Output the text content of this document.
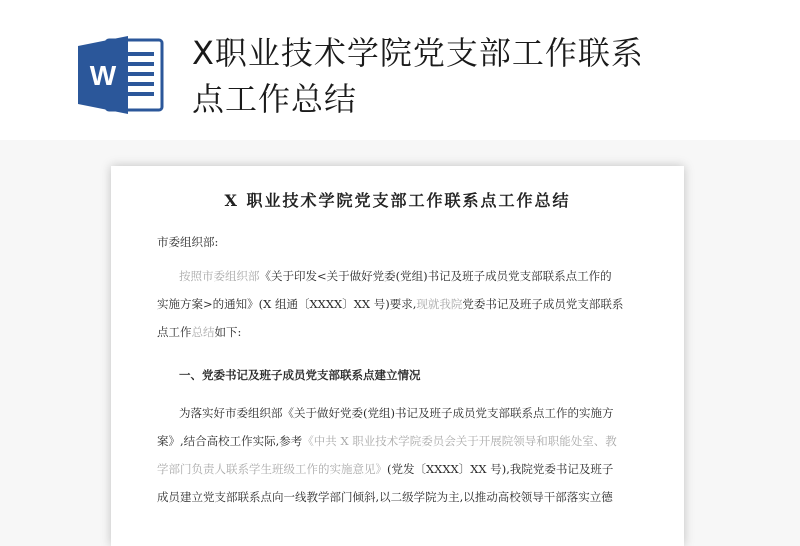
W
X职业技术学院党支部工作联系
点工作总结
X 职业技术学院党支部工作联系点工作总结
市委组织部:
按照市委组织部《关于印发<关于做好党委(党组)书记及班子成员党支部联系点工作的
实施方案>的通知》(X 组通〔XXXX〕XX 号)要求,现就我院党委书记及班子成员党支部联系
点工作总结如下:
一、党委书记及班子成员党支部联系点建立情况
为落实好市委组织部《关于做好党委(党组)书记及班子成员党支部联系点工作的实施方
案》,结合高校工作实际,参考《中共 X 职业技术学院委员会关于开展院领导和职能处室、教
学部门负责人联系学生班级工作的实施意见》(党发〔XXXX〕XX 号),我院党委书记及班子
成员建立党支部联系点向一线教学部门倾斜,以二级学院为主,以推动高校领导干部落实立德
